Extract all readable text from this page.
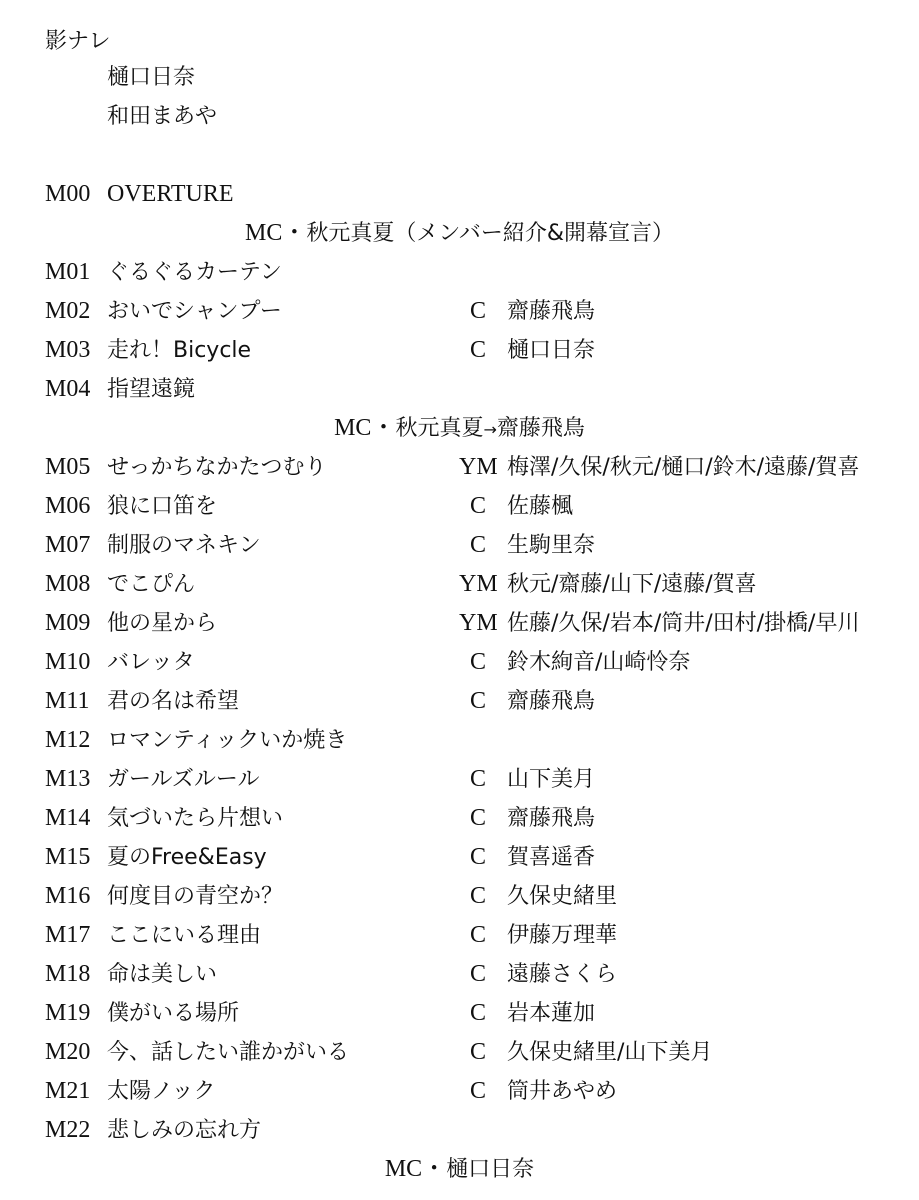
影ナレ
樋口日奈
和田まあや
M00 OVERTURE
MC・秋元真夏（メンバー紹介&開幕宣言）
M01 ぐるぐるカーテン
M02 おいでシャンプー	C 齋藤飛鳥
M03 走れ！Bicycle	C 樋口日奈
M04 指望遠鏡
MC・秋元真夏→齋藤飛鳥
M05 せっかちなかたつむり	YM 梅澤/久保/秋元/樋口/鈴木/遠藤/賀喜
M06 狼に口笛を	C 佐藤楓
M07 制服のマネキン	C 生駒里奈
M08 でこぴん	YM 秋元/齋藤/山下/遠藤/賀喜
M09 他の星から	YM 佐藤/久保/岩本/筒井/田村/掛橋/早川
M10 バレッタ	C 鈴木絢音/山崎怜奈
M11 君の名は希望	C 齋藤飛鳥
M12 ロマンティックいか焼き
M13 ガールズルール	C 山下美月
M14 気づいたら片想い	C 齋藤飛鳥
M15 夏のFree&Easy	C 賀喜遥香
M16 何度目の青空か？	C 久保史緒里
M17 ここにいる理由	C 伊藤万理華
M18 命は美しい	C 遠藤さくら
M19 僕がいる場所	C 岩本蓮加
M20 今、話したい誰かがいる	C 久保史緒里/山下美月
M21 太陽ノック	C 筒井あやめ
M22 悲しみの忘れ方
MC・樋口日奈
